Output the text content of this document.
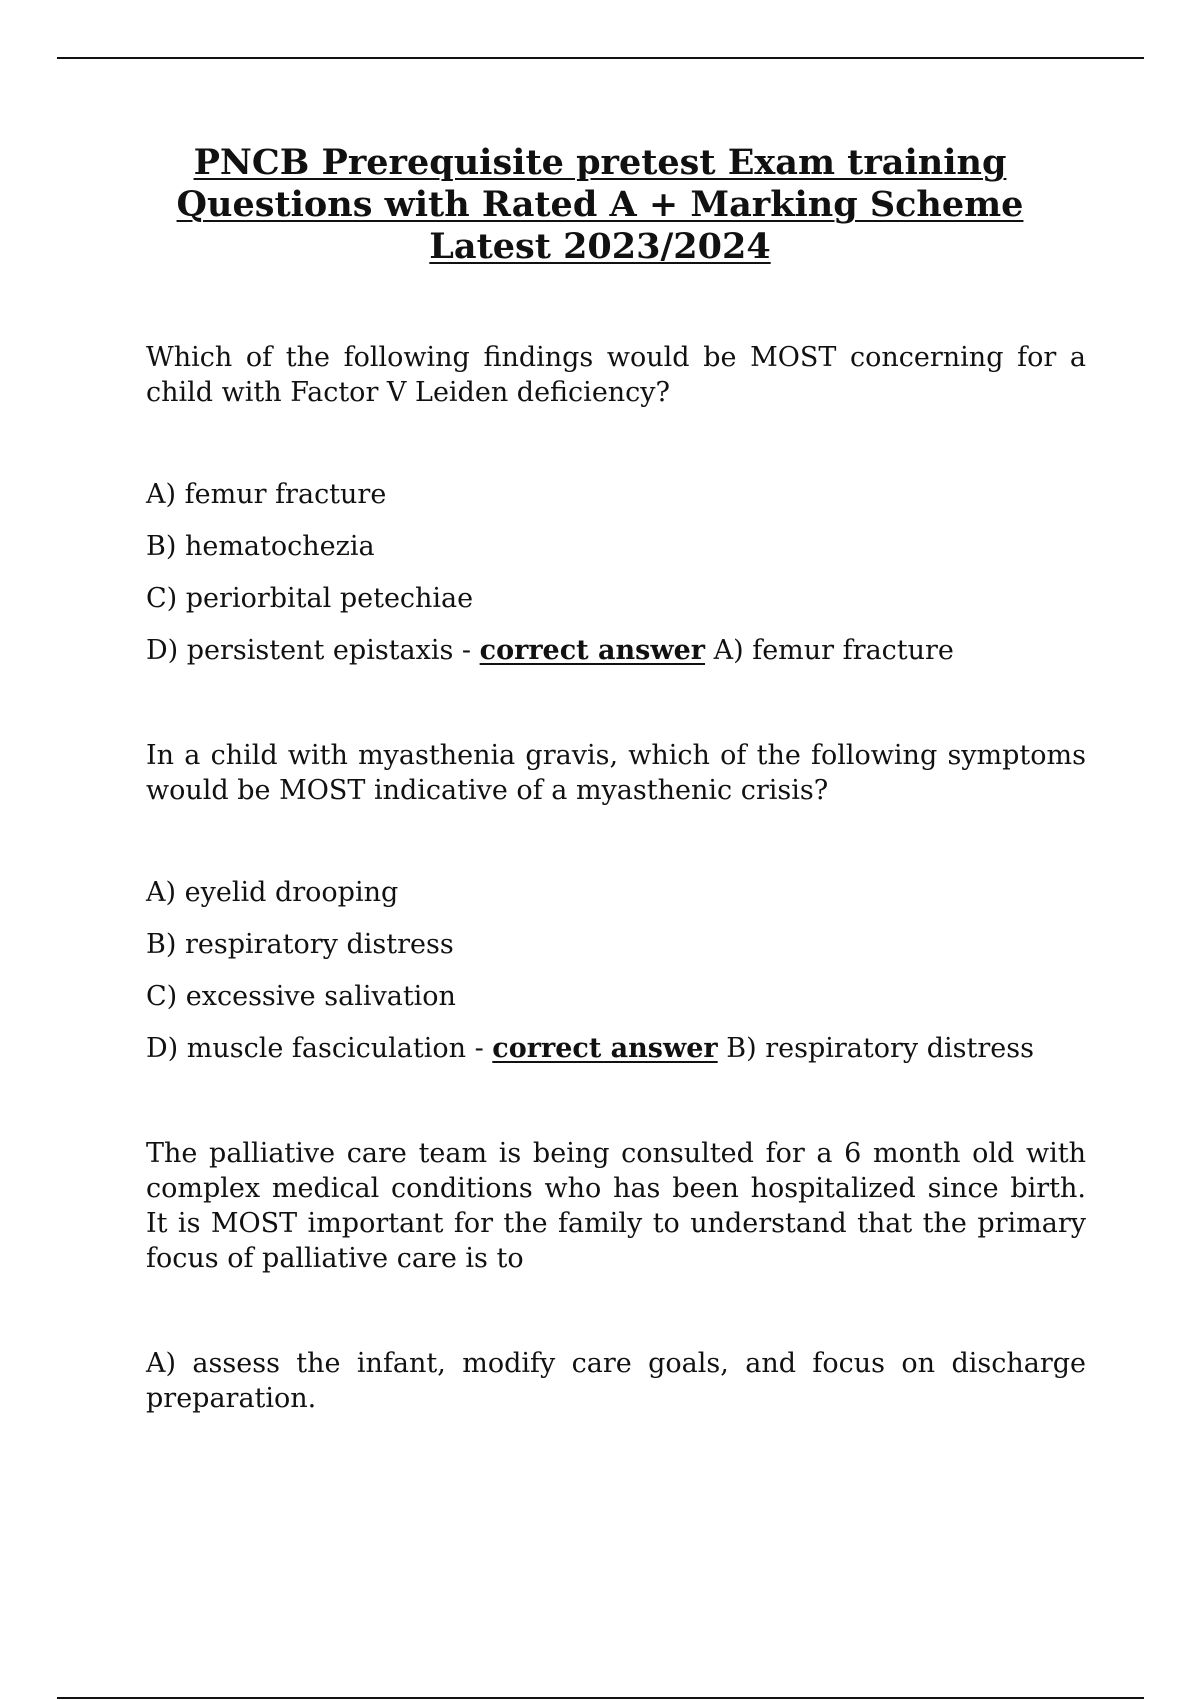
PNCB Prerequisite pretest Exam training
Questions with Rated A + Marking Scheme
Latest 2023/2024

Which of the following findings would be MOST concerning for a child with Factor V Leiden deficiency?

A) femur fracture

B) hematochezia

C) periorbital petechiae

D) persistent epistaxis - correct answer A) femur fracture

In a child with myasthenia gravis, which of the following symptoms would be MOST indicative of a myasthenic crisis?

A) eyelid drooping

B) respiratory distress

C) excessive salivation

D) muscle fasciculation - correct answer B) respiratory distress

The palliative care team is being consulted for a 6 month old with complex medical conditions who has been hospitalized since birth. It is MOST important for the family to understand that the primary focus of palliative care is to

A) assess the infant, modify care goals, and focus on discharge preparation.
